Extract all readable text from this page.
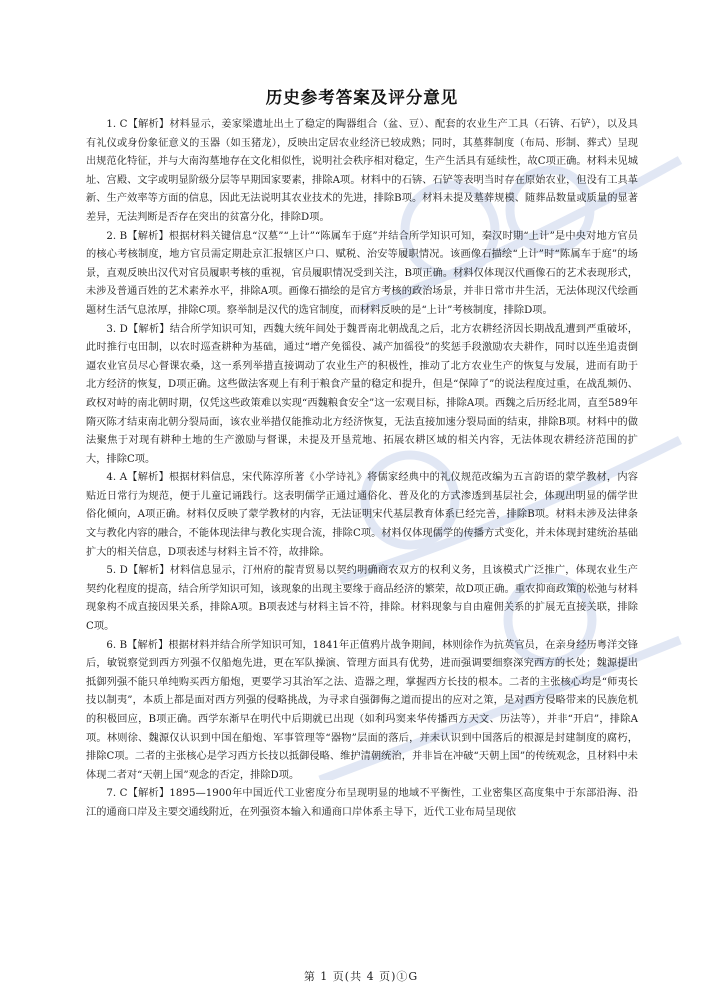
历史参考答案及评分意见

1. C【解析】材料显示，姜家梁遗址出土了稳定的陶器组合（盆、豆）、配套的农业生产工具（石锛、石铲），以及具有礼仪或身份象征意义的玉器（如玉猪龙），反映出定居农业经济已较成熟；同时，其墓葬制度（布局、形制、葬式）呈现出规范化特征，并与大南沟墓地存在文化相似性，说明社会秩序相对稳定，生产生活具有延续性，故C项正确。材料未见城址、宫殿、文字或明显阶级分层等早期国家要素，排除A项。材料中的石锛、石铲等表明当时存在原始农业，但没有工具革新、生产效率等方面的信息，因此无法说明其农业技术的先进，排除B项。材料未提及墓葬规模、随葬品数量或质量的显著差异，无法判断是否存在突出的贫富分化，排除D项。

2. B【解析】根据材料关键信息“汉墓”“上计”“陈属车于庭”并结合所学知识可知，秦汉时期“上计”是中央对地方官员的核心考核制度，地方官员需定期赴京汇报辖区户口、赋税、治安等履职情况。该画像石描绘“上计”时“陈属车于庭”的场景，直观反映出汉代对官员履职考核的重视，官员履职情况受到关注，B项正确。材料仅体现汉代画像石的艺术表现形式，未涉及普通百姓的艺术素养水平，排除A项。画像石描绘的是官方考核的政治场景，并非日常市井生活，无法体现汉代绘画题材生活气息浓厚，排除C项。察举制是汉代的选官制度，而材料反映的是“上计”考核制度，排除D项。

3. D【解析】结合所学知识可知，西魏大统年间处于魏晋南北朝战乱之后，北方农耕经济因长期战乱遭到严重破坏，此时推行屯田制，以农时巡查耕种为基础，通过“增产免徭役、减产加徭役”的奖惩手段激励农夫耕作，同时以连坐追责倒逼农业官员尽心督课农桑，这一系列举措直接调动了农业生产的积极性，推动了北方农业生产的恢复与发展，进而有助于北方经济的恢复，D项正确。这些做法客观上有利于粮食产量的稳定和提升，但是“保障了”的说法程度过重，在战乱频仍、政权对峙的南北朝时期，仅凭这些政策难以实现“西魏粮食安全”这一宏观目标，排除A项。西魏之后历经北周，直至589年隋灭陈才结束南北朝分裂局面，该农业举措仅能推动北方经济恢复，无法直接加速分裂局面的结束，排除B项。材料中的做法聚焦于对现有耕种土地的生产激励与督课，未提及开垦荒地、拓展农耕区域的相关内容，无法体现农耕经济范围的扩大，排除C项。

4. A【解析】根据材料信息，宋代陈淳所著《小学诗礼》将儒家经典中的礼仪规范改编为五言韵语的蒙学教材，内容贴近日常行为规范，便于儿童记诵践行。这表明儒学正通过通俗化、普及化的方式渗透到基层社会，体现出明显的儒学世俗化倾向，A项正确。材料仅反映了蒙学教材的内容，无法证明宋代基层教育体系已经完善，排除B项。材料未涉及法律条文与教化内容的融合，不能体现法律与教化实现合流，排除C项。材料仅体现儒学的传播方式变化，并未体现封建统治基础扩大的相关信息，D项表述与材料主旨不符，故排除。

5. D【解析】材料信息显示，汀州府的靛青贸易以契约明确商农双方的权利义务，且该模式广泛推广，体现农业生产契约化程度的提高，结合所学知识可知，该现象的出现主要缘于商品经济的繁荣，故D项正确。重农抑商政策的松弛与材料现象构不成直接因果关系，排除A项。B项表述与材料主旨不符，排除。材料现象与自由雇佣关系的扩展无直接关联，排除C项。

6. B【解析】根据材料并结合所学知识可知，1841年正值鸦片战争期间，林则徐作为抗英官员，在亲身经历粤洋交锋后，敏锐察觉到西方列强不仅船炮先进，更在军队操演、管理方面具有优势，进而强调要细察深究西方的长处；魏源提出抵御列强不能只单纯购买西方船炮，更要学习其治军之法、造器之理，掌握西方长技的根本。二者的主张核心均是“师夷长技以制夷”，本质上都是面对西方列强的侵略挑战，为寻求自强御侮之道而提出的应对之策，是对西方侵略带来的民族危机的积极回应，B项正确。西学东渐早在明代中后期就已出现（如利玛窦来华传播西方天文、历法等），并非“开启”，排除A项。林则徐、魏源仅认识到中国在船炮、军事管理等“器物”层面的落后，并未认识到中国落后的根源是封建制度的腐朽，排除C项。二者的主张核心是学习西方长技以抵御侵略、维护清朝统治，并非旨在冲破“天朝上国”的传统观念，且材料中未体现二者对“天朝上国”观念的否定，排除D项。

7. C【解析】1895—1900年中国近代工业密度分布呈现明显的地域不平衡性，工业密集区高度集中于东部沿海、沿江的通商口岸及主要交通线附近，在列强资本输入和通商口岸体系主导下，近代工业布局呈现依

第 1 页(共 4 页)①G
